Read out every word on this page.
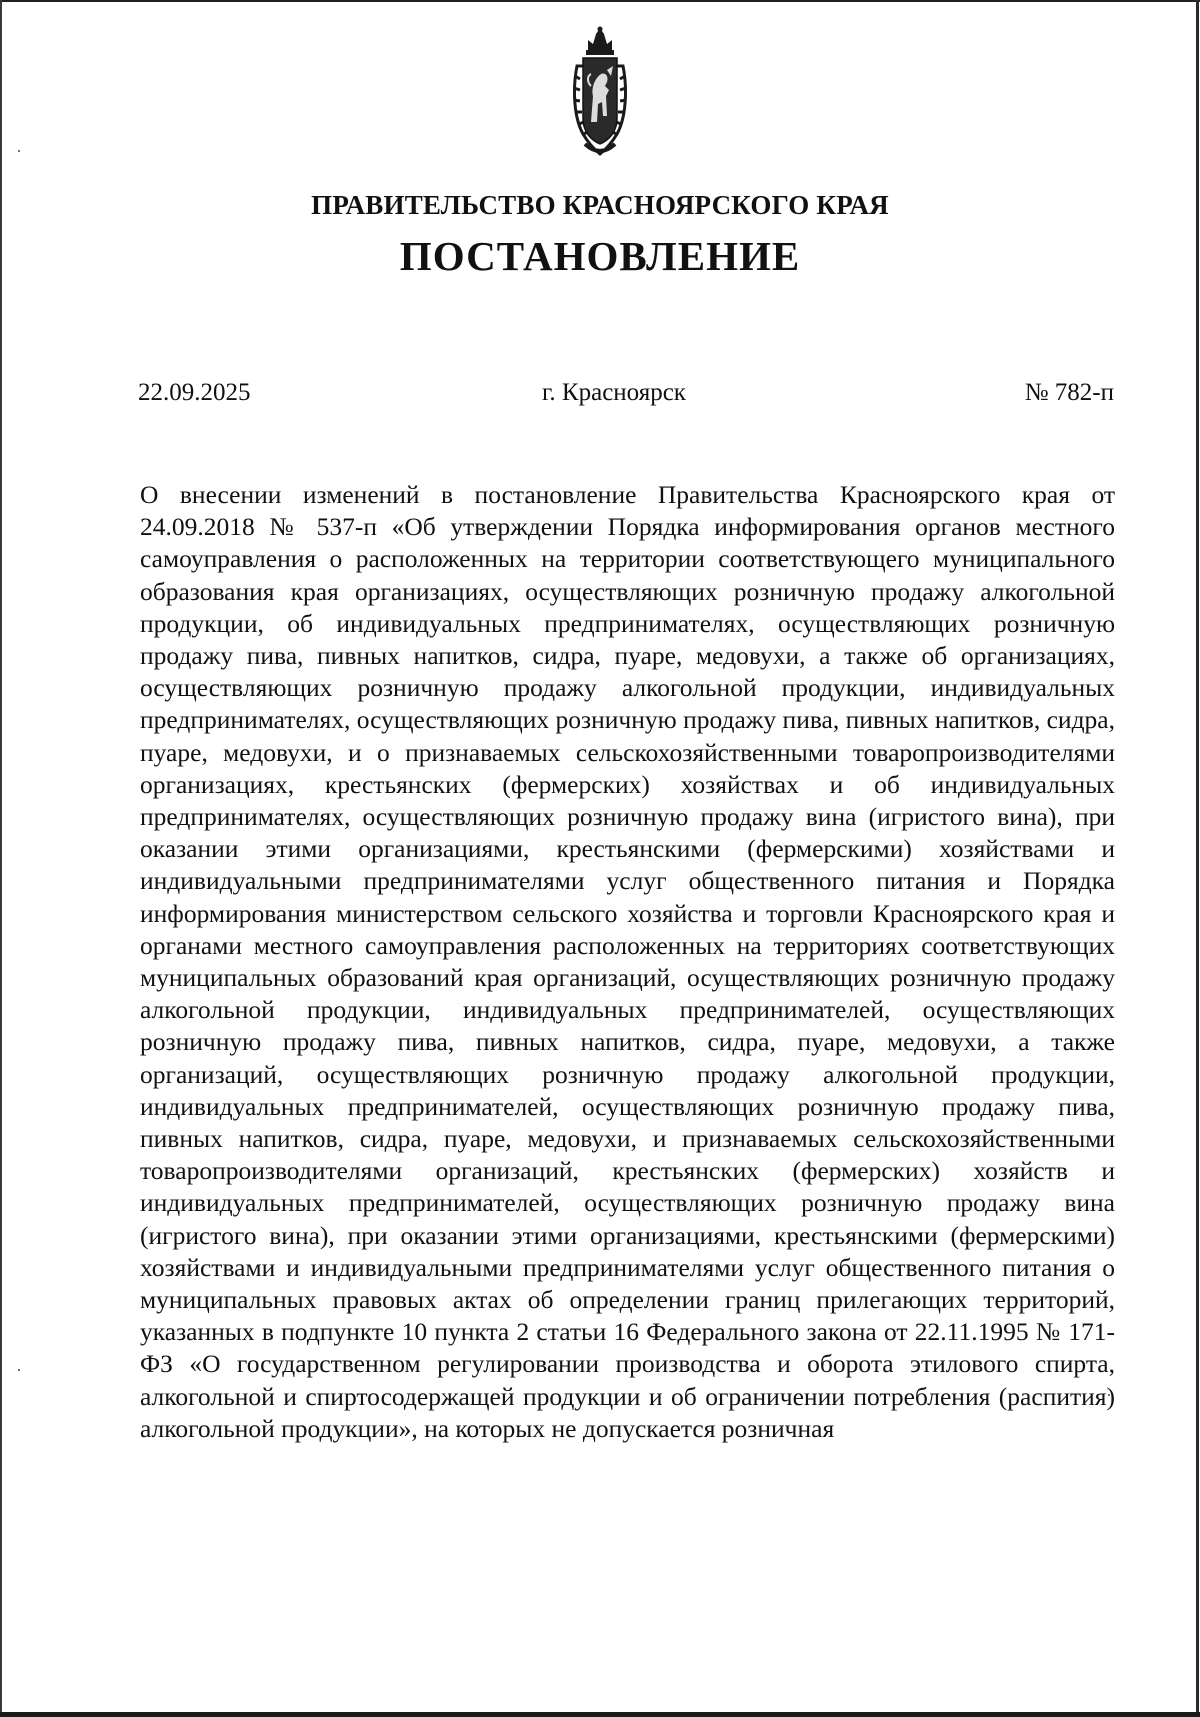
ПРАВИТЕЛЬСТВО КРАСНОЯРСКОГО КРАЯ
ПОСТАНОВЛЕНИЕ
22.09.2025	г. Красноярск	№ 782-п

О внесении изменений в постановление Правительства Красноярского края от 24.09.2018 № 537-п «Об утверждении Порядка информирования органов местного самоуправления о расположенных на территории соответствующего муниципального образования края организациях, осуществляющих розничную продажу алкогольной продукции, об индивидуальных предпринимателях, осуществляющих розничную продажу пива, пивных напитков, сидра, пуаре, медовухи, а также об организациях, осуществляющих розничную продажу алкогольной продукции, индивидуальных предпринимателях, осуществляющих розничную продажу пива, пивных напитков, сидра, пуаре, медовухи, и о признаваемых сельскохозяйственными товаропроизводителями организациях, крестьянских (фермерских) хозяйствах и об индивидуальных предпринимателях, осуществляющих розничную продажу вина (игристого вина), при оказании этими организациями, крестьянскими (фермерскими) хозяйствами и индивидуальными предпринимателями услуг общественного питания и Порядка информирования министерством сельского хозяйства и торговли Красноярского края и органами местного самоуправления расположенных на территориях соответствующих муниципальных образований края организаций, осуществляющих розничную продажу алкогольной продукции, индивидуальных предпринимателей, осуществляющих розничную продажу пива, пивных напитков, сидра, пуаре, медовухи, а также организаций, осуществляющих розничную продажу алкогольной продукции, индивидуальных предпринимателей, осуществляющих розничную продажу пива, пивных напитков, сидра, пуаре, медовухи, и признаваемых сельскохозяйственными товаропроизводителями организаций, крестьянских (фермерских) хозяйств и индивидуальных предпринимателей, осуществляющих розничную продажу вина (игристого вина), при оказании этими организациями, крестьянскими (фермерскими) хозяйствами и индивидуальными предпринимателями услуг общественного питания о муниципальных правовых актах об определении границ прилегающих территорий, указанных в подпункте 10 пункта 2 статьи 16 Федерального закона от 22.11.1995 № 171-ФЗ «О государственном регулировании производства и оборота этилового спирта, алкогольной и спиртосодержащей продукции и об ограничении потребления (распития) алкогольной продукции», на которых не допускается розничная
